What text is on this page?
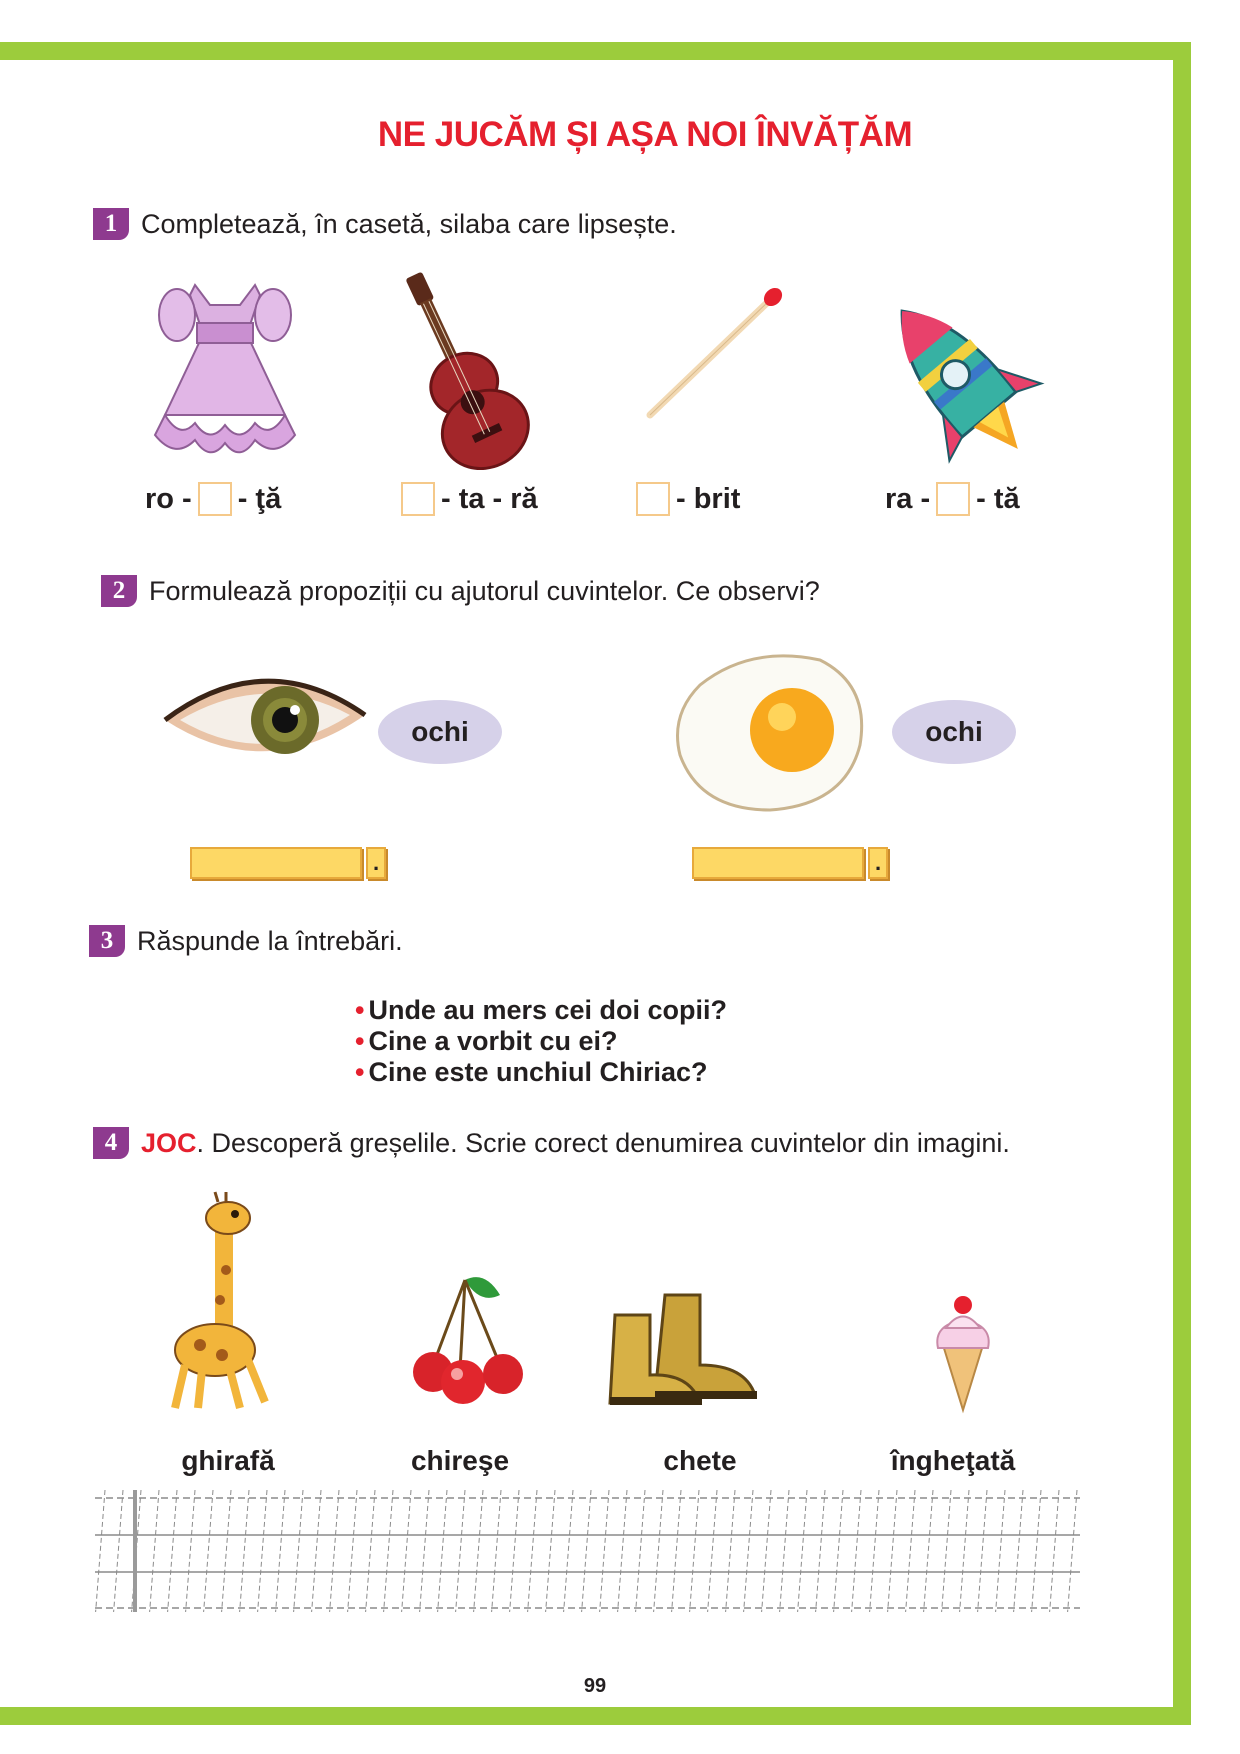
NE JUCĂM ȘI AȘA NOI ÎNVĂȚĂM
1 Completează, în casetă, silaba care lipsește.
ro - - ţă	- ta - ră	- brit	ra - - tă
2 Formulează propoziții cu ajutorul cuvintelor. Ce observi?
ochi	ochi
.	.
3 Răspunde la întrebări.
• Unde au mers cei doi copii?
• Cine a vorbit cu ei?
• Cine este unchiul Chiriac?
4 JOC . Descoperă greșelile. Scrie corect denumirea cuvintelor din imagini.
ghirafă	chireşe	chete	îngheţată
99
